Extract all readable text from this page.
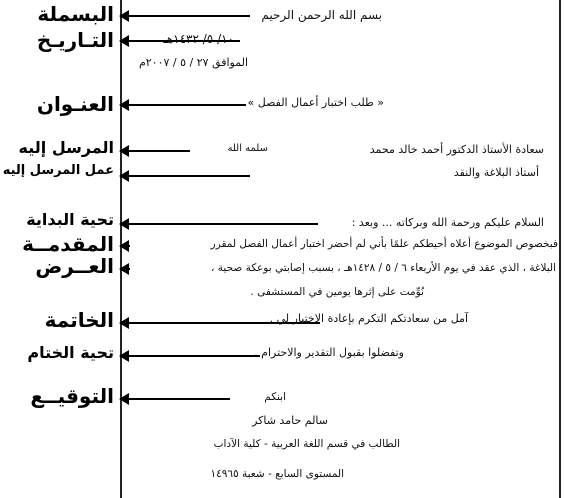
البسملة
التـاريـخ
العنـوان
المرسل إليه
عمل المرسل إليه
تحية البداية
المقدمــة
العــرض
الخاتمة
تحية الختام
التوقيــع
بسم الله الرحمن الرحيم
١٠/ ٥/ ١٤٣٢هـ
الموافق ٢٧ / ٥ / ٢٠٠٧م
« طلب اختبار أعمال الفصل »
سعادة الأستاذ الدكتور أحمد خالد محمد
سلمه الله
أستاذ البلاغة والنقد
السلام عليكم ورحمة الله وبركاته ... وبعد :
فبخصوص الموضوع أعلاه أحيطكم علمًا بأني لم أحضر اختبار أعمال الفصل لمقرر
البلاغة ، الذي عقد في يوم الأربعاء ٦ / ٥ / ١٤٢٨هـ ، بسبب إصابتي بوعكة صحية ،
نُوِّمت على إثرها يومين في المستشفى .
آمل من سعادتكم التكرم بإعادة الاختبار لي .
وتفضلوا بقبول التقدير والاحترام .
ابنكم
سالم حامد شاكر
الطالب في قسم اللغة العربية - كلية الآداب
المستوى السابع - شعبة ١٤٩٦٥
